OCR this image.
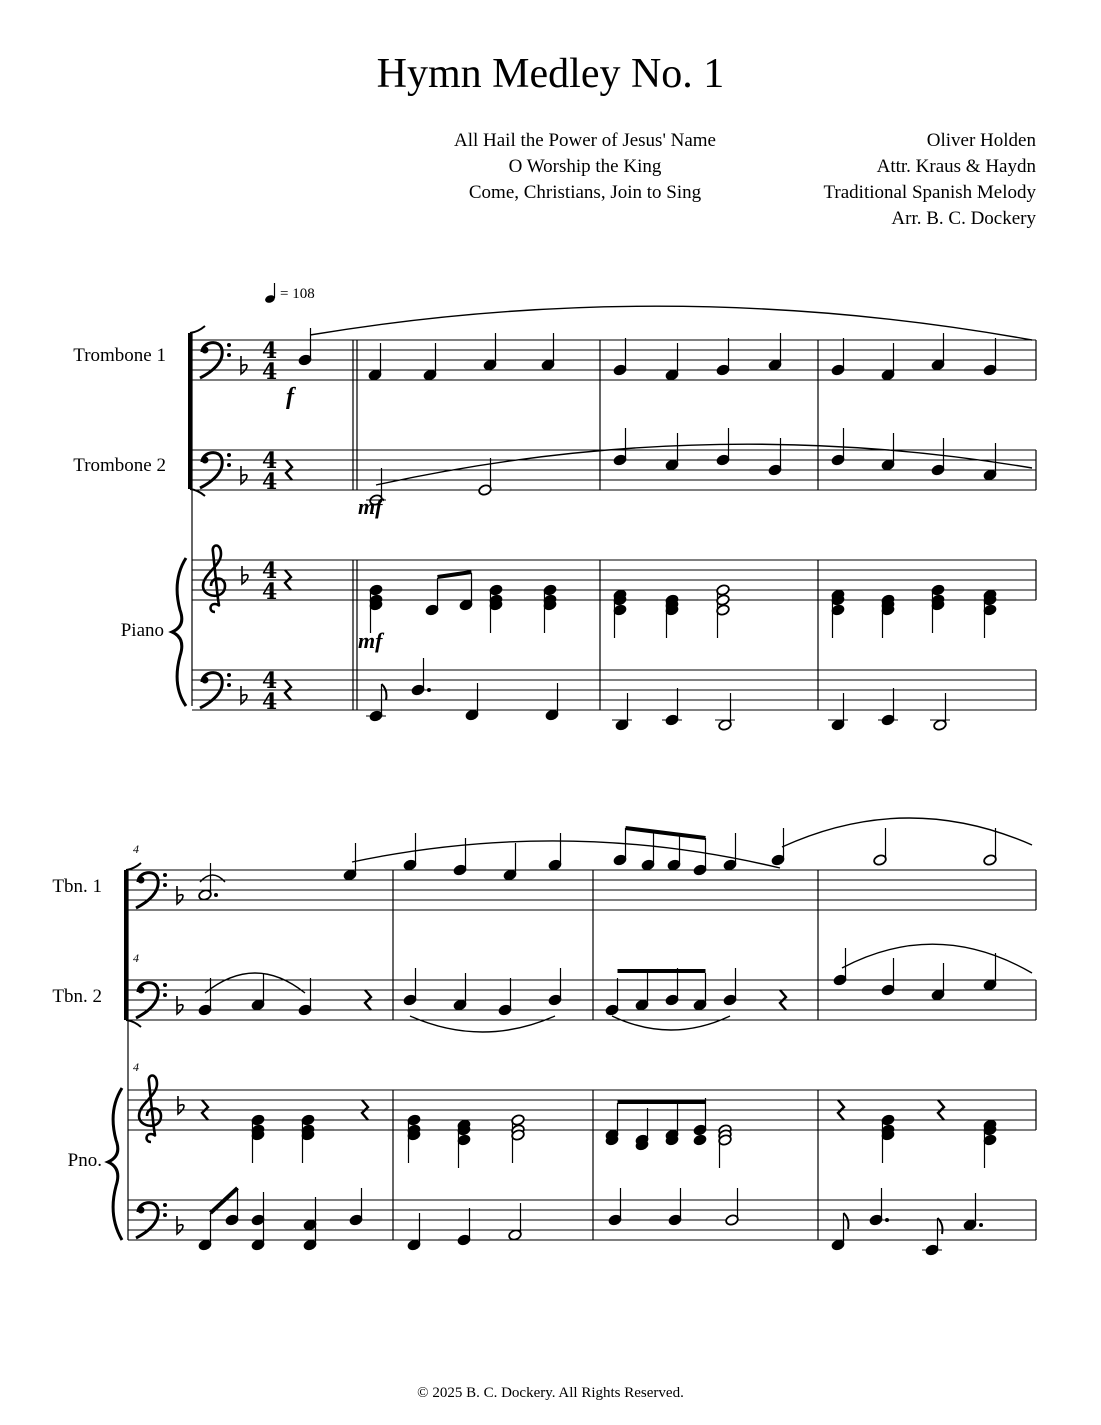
Hymn Medley No. 1
All Hail the Power of Jesus' Name
O Worship the King
Come, Christians, Join to Sing
Oliver Holden
Attr. Kraus & Haydn
Traditional Spanish Melody
Arr. B. C. Dockery
4
4
4
4
4
4
4
4
= 108
Trombone 1
Trombone 2
Piano
f
mf
mf
Tbn. 1
Tbn. 2
Pno.
4
4
4
© 2025 B. C. Dockery. All Rights Reserved.
